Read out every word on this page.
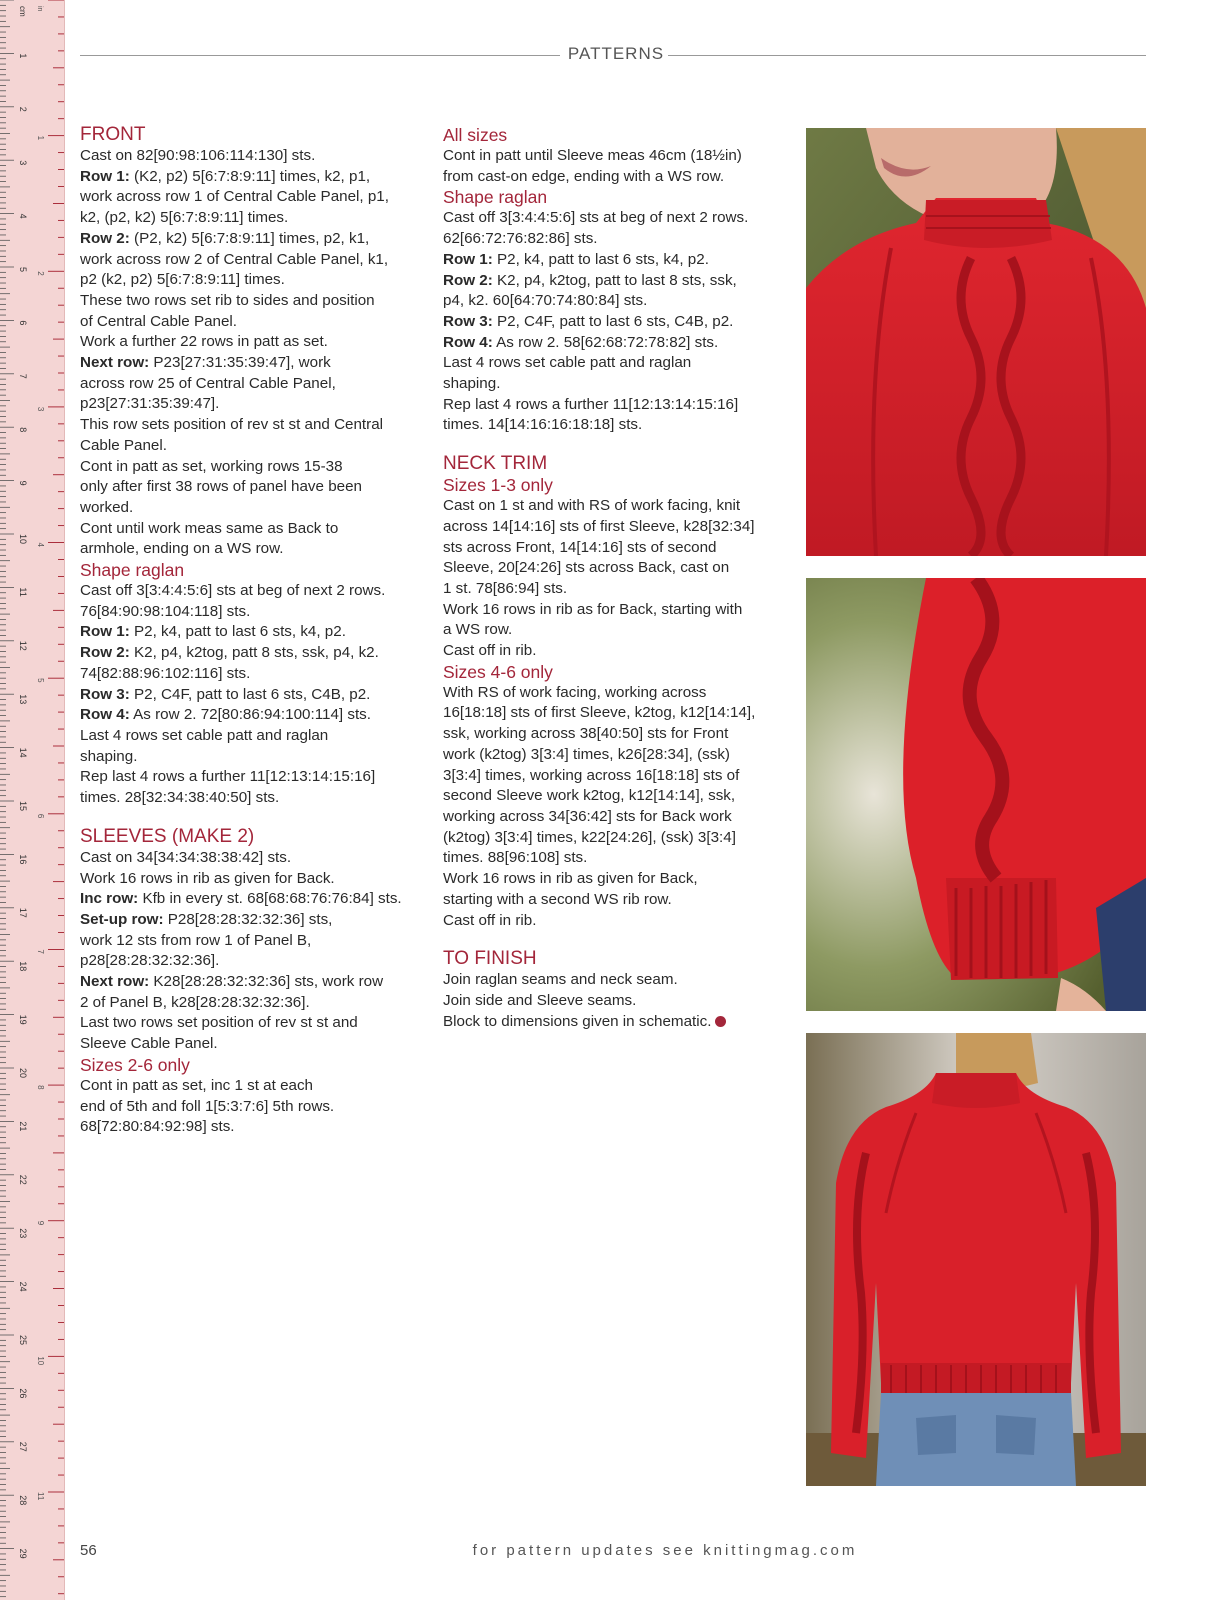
1
2
3
4
5
6
7
8
9
10
11
12
13
14
15
16
17
18
19
20
21
22
23
24
25
26
27
28
29
1
2
3
4
5
6
7
8
9
10
11
cm in
PATTERNS
FRONT
Cast on 82[90:98:106:114:130] sts.
Row 1: (K2, p2) 5[6:7:8:9:11] times, k2, p1,
work across row 1 of Central Cable Panel, p1,
k2, (p2, k2) 5[6:7:8:9:11] times.
Row 2: (P2, k2) 5[6:7:8:9:11] times, p2, k1,
work across row 2 of Central Cable Panel, k1,
p2 (k2, p2) 5[6:7:8:9:11] times.
These two rows set rib to sides and position
of Central Cable Panel.
Work a further 22 rows in patt as set.
Next row: P23[27:31:35:39:47], work
across row 25 of Central Cable Panel,
p23[27:31:35:39:47].
This row sets position of rev st st and Central
Cable Panel.
Cont in patt as set, working rows 15-38
only after first 38 rows of panel have been
worked.
Cont until work meas same as Back to
armhole, ending on a WS row.
Shape raglan
Cast off 3[3:4:4:5:6] sts at beg of next 2 rows.
76[84:90:98:104:118] sts.
Row 1: P2, k4, patt to last 6 sts, k4, p2.
Row 2: K2, p4, k2tog, patt 8 sts, ssk, p4, k2.
74[82:88:96:102:116] sts.
Row 3: P2, C4F, patt to last 6 sts, C4B, p2.
Row 4: As row 2. 72[80:86:94:100:114] sts.
Last 4 rows set cable patt and raglan
shaping.
Rep last 4 rows a further 11[12:13:14:15:16]
times. 28[32:34:38:40:50] sts.
SLEEVES (MAKE 2)
Cast on 34[34:34:38:38:42] sts.
Work 16 rows in rib as given for Back.
Inc row: Kfb in every st. 68[68:68:76:76:84] sts.
Set-up row: P28[28:28:32:32:36] sts,
work 12 sts from row 1 of Panel B,
p28[28:28:32:32:36].
Next row: K28[28:28:32:32:36] sts, work row
2 of Panel B, k28[28:28:32:32:36].
Last two rows set position of rev st st and
Sleeve Cable Panel.
Sizes 2-6 only
Cont in patt as set, inc 1 st at each
end of 5th and foll 1[5:3:7:6] 5th rows.
68[72:80:84:92:98] sts.
All sizes
Cont in patt until Sleeve meas 46cm (18½in)
from cast-on edge, ending with a WS row.
Shape raglan
Cast off 3[3:4:4:5:6] sts at beg of next 2 rows.
62[66:72:76:82:86] sts.
Row 1: P2, k4, patt to last 6 sts, k4, p2.
Row 2: K2, p4, k2tog, patt to last 8 sts, ssk,
p4, k2. 60[64:70:74:80:84] sts.
Row 3: P2, C4F, patt to last 6 sts, C4B, p2.
Row 4: As row 2. 58[62:68:72:78:82] sts.
Last 4 rows set cable patt and raglan
shaping.
Rep last 4 rows a further 11[12:13:14:15:16]
times. 14[14:16:16:18:18] sts.
NECK TRIM
Sizes 1-3 only
Cast on 1 st and with RS of work facing, knit
across 14[14:16] sts of first Sleeve, k28[32:34]
sts across Front, 14[14:16] sts of second
Sleeve, 20[24:26] sts across Back, cast on
1 st. 78[86:94] sts.
Work 16 rows in rib as for Back, starting with
a WS row.
Cast off in rib.
Sizes 4-6 only
With RS of work facing, working across
16[18:18] sts of first Sleeve, k2tog, k12[14:14],
ssk, working across 38[40:50] sts for Front
work (k2tog) 3[3:4] times, k26[28:34], (ssk)
3[3:4] times, working across 16[18:18] sts of
second Sleeve work k2tog, k12[14:14], ssk,
working across 34[36:42] sts for Back work
(k2tog) 3[3:4] times, k22[24:26], (ssk) 3[3:4]
times. 88[96:108] sts.
Work 16 rows in rib as given for Back,
starting with a second WS rib row.
Cast off in rib.
TO FINISH
Join raglan seams and neck seam.
Join side and Sleeve seams.
Block to dimensions given in schematic.
56	for pattern updates see knittingmag.com
